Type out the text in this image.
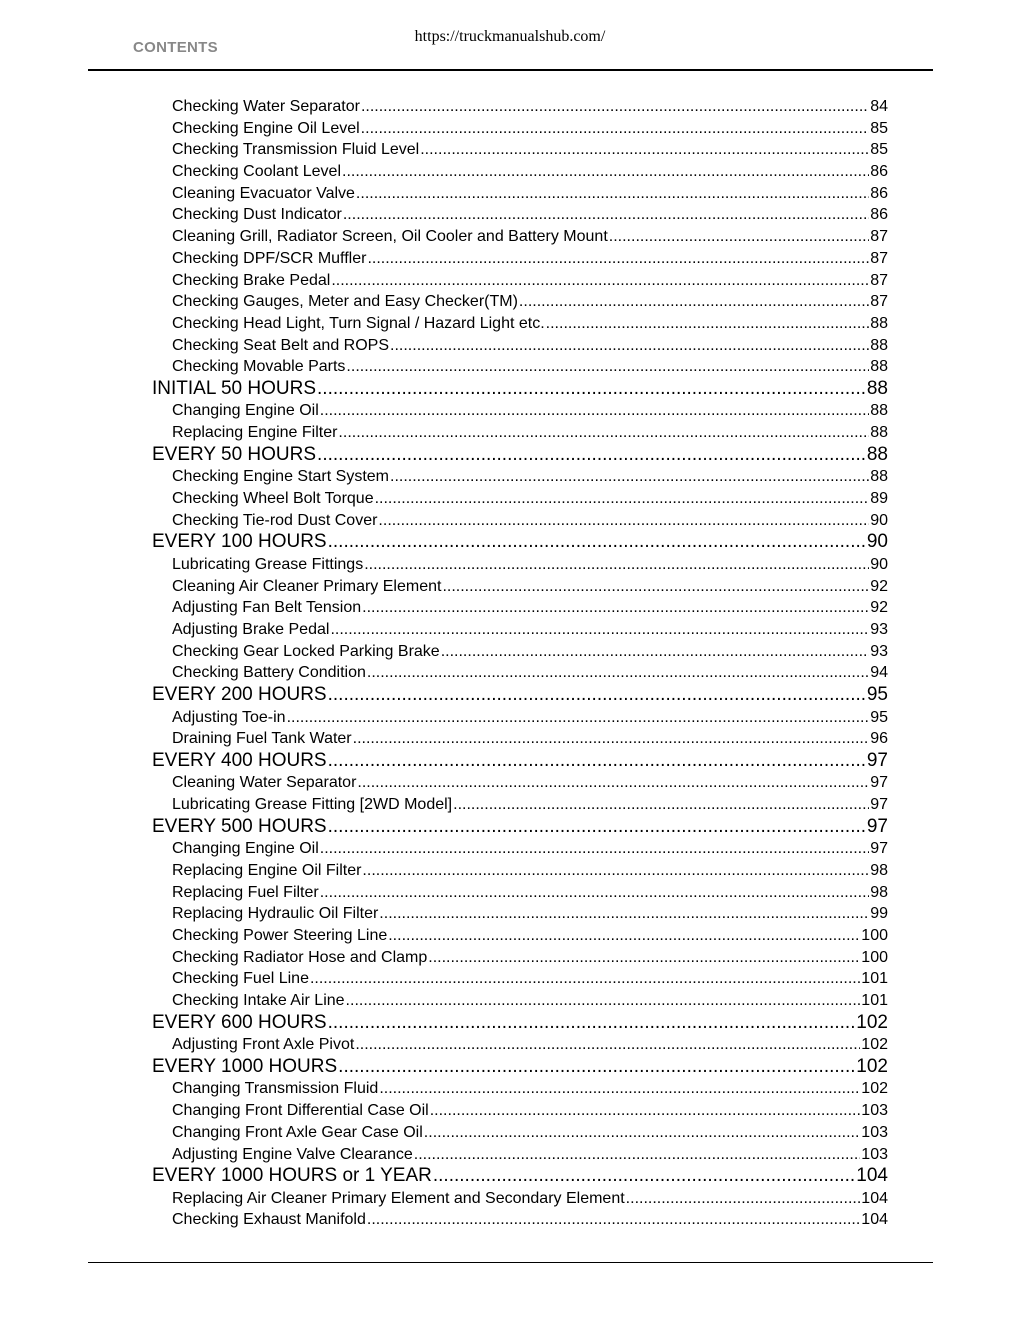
https://truckmanualshub.com/
CONTENTS
Checking Water Separator .....	84
Checking Engine Oil Level .....	85
Checking Transmission Fluid Level .....	85
Checking Coolant Level .....	86
Cleaning Evacuator Valve .....	86
Checking Dust Indicator .....	86
Cleaning Grill, Radiator Screen, Oil Cooler and Battery Mount .....	87
Checking DPF/SCR Muffler .....	87
Checking Brake Pedal .....	87
Checking Gauges, Meter and Easy Checker(TM) .....	87
Checking Head Light, Turn Signal / Hazard Light etc. .....	88
Checking Seat Belt and ROPS .....	88
Checking Movable Parts .....	88
INITIAL 50 HOURS .....	88
Changing Engine Oil .....	88
Replacing Engine Filter .....	88
EVERY 50 HOURS .....	88
Checking Engine Start System .....	88
Checking Wheel Bolt Torque .....	89
Checking Tie-rod Dust Cover .....	90
EVERY 100 HOURS .....	90
Lubricating Grease Fittings .....	90
Cleaning Air Cleaner Primary Element .....	92
Adjusting Fan Belt Tension .....	92
Adjusting Brake Pedal .....	93
Checking Gear Locked Parking Brake .....	93
Checking Battery Condition .....	94
EVERY 200 HOURS .....	95
Adjusting Toe-in .....	95
Draining Fuel Tank Water .....	96
EVERY 400 HOURS .....	97
Cleaning Water Separator .....	97
Lubricating Grease Fitting [2WD Model] .....	97
EVERY 500 HOURS .....	97
Changing Engine Oil .....	97
Replacing Engine Oil Filter .....	98
Replacing Fuel Filter .....	98
Replacing Hydraulic Oil Filter .....	99
Checking Power Steering Line .....	100
Checking Radiator Hose and Clamp .....	100
Checking Fuel Line .....	101
Checking Intake Air Line .....	101
EVERY 600 HOURS .....	102
Adjusting Front Axle Pivot .....	102
EVERY 1000 HOURS .....	102
Changing Transmission Fluid .....	102
Changing Front Differential Case Oil .....	103
Changing Front Axle Gear Case Oil .....	103
Adjusting Engine Valve Clearance .....	103
EVERY 1000 HOURS or 1 YEAR .....	104
Replacing Air Cleaner Primary Element and Secondary Element .....	104
Checking Exhaust Manifold .....	104
